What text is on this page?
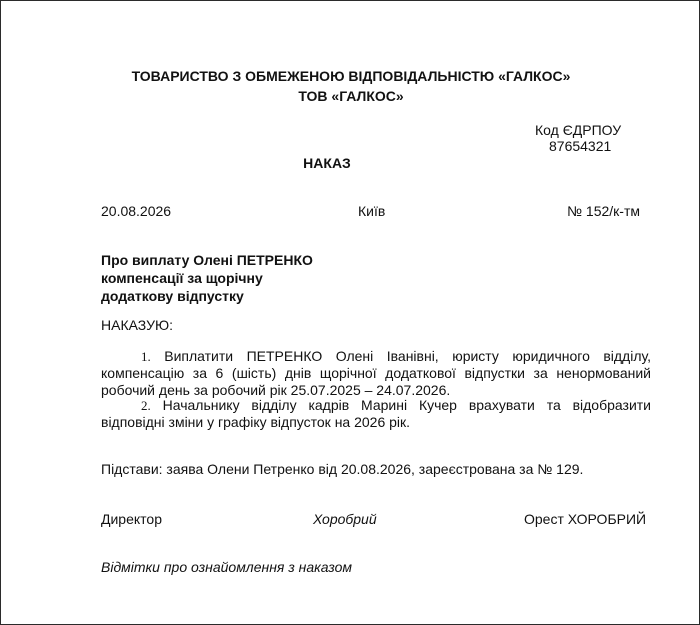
ТОВАРИСТВО З ОБМЕЖЕНОЮ ВІДПОВІДАЛЬНІСТЮ «ГАЛКОС»
ТОВ «ГАЛКОС»
Код ЄДРПОУ
87654321
НАКАЗ
20.08.2026	Київ	№ 152/к-тм
Про виплату Олені ПЕТРЕНКО
компенсації за щорічну
додаткову відпустку
НАКАЗУЮ:
1. Виплатити ПЕТРЕНКО Олені Іванівні, юристу юридичного відділу, компенсацію за 6 (шість) днів щорічної додаткової відпустки за ненормований робочий день за робочий рік 25.07.2025 – 24.07.2026.
2. Начальнику відділу кадрів Марині Кучер врахувати та відобразити відповідні зміни у графіку відпусток на 2026 рік.
Підстави: заява Олени Петренко від 20.08.2026, зареєстрована за № 129.
Директор	Хоробрий	Орест ХОРОБРИЙ
Відмітки про ознайомлення з наказом
